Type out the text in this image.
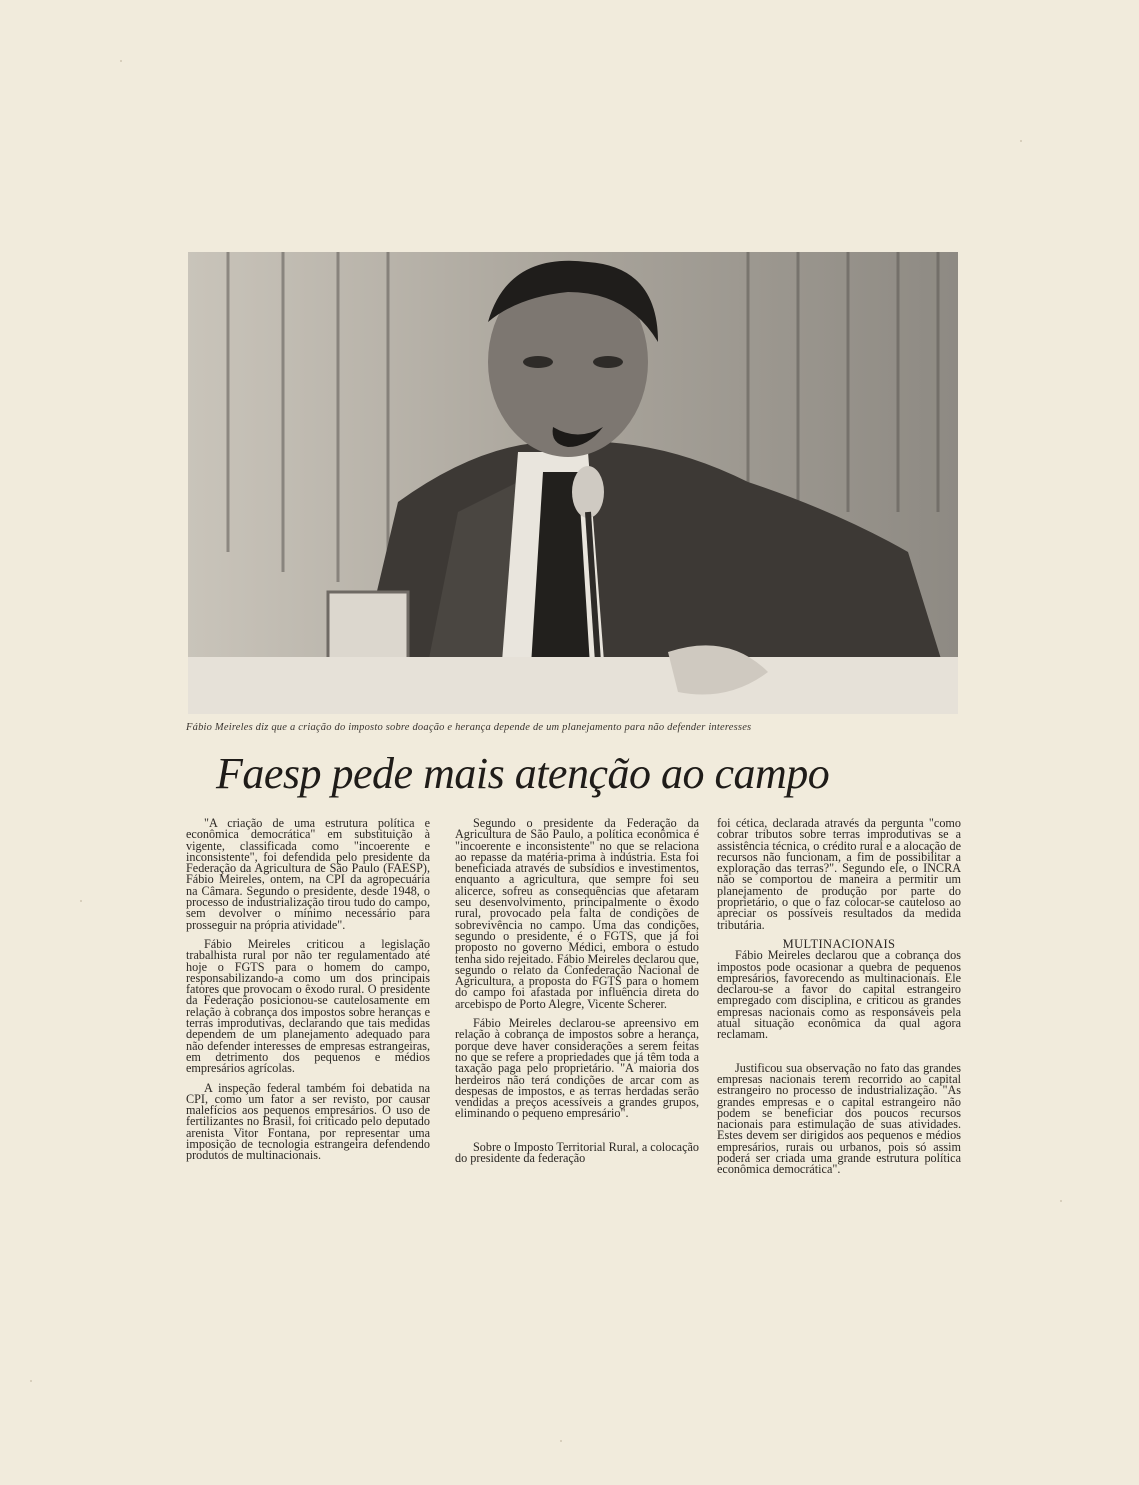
Fábio Meireles diz que a criação do imposto sobre doação e herança depende de um planejamento para não defender interesses
Faesp pede mais atenção ao campo

"A criação de uma estrutura política e econômica democrática" em substituição à vigente, classificada como "incoerente e inconsistente", foi defendida pelo presidente da Federação da Agricultura de São Paulo (FAESP), Fábio Meireles, ontem, na CPI da agropecuária na Câmara. Segundo o presidente, desde 1948, o processo de industrialização tirou tudo do campo, sem devolver o mínimo necessário para prosseguir na própria atividade".

Fábio Meireles criticou a legislação trabalhista rural por não ter regulamentado até hoje o FGTS para o homem do campo, responsabilizando-a como um dos principais fatores que provocam o êxodo rural. O presidente da Federação posicionou-se cautelosamente em relação à cobrança dos impostos sobre heranças e terras improdutivas, declarando que tais medidas dependem de um planejamento adequado para não defender interesses de empresas estrangeiras, em detrimento dos pequenos e médios empresários agrícolas.

A inspeção federal também foi debatida na CPI, como um fator a ser revisto, por causar malefícios aos pequenos empresários. O uso de fertilizantes no Brasil, foi criticado pelo deputado arenista Vitor Fontana, por representar uma imposição de tecnologia estrangeira defendendo produtos de multinacionais.

Segundo o presidente da Federação da Agricultura de São Paulo, a política econômica é "incoerente e inconsistente" no que se relaciona ao repasse da matéria-prima à indústria. Esta foi beneficiada através de subsídios e investimentos, enquanto a agricultura, que sempre foi seu alicerce, sofreu as consequências que afetaram seu desenvolvimento, principalmente o êxodo rural, provocado pela falta de condições de sobrevivência no campo. Uma das condições, segundo o presidente, é o FGTS, que já foi proposto no governo Médici, embora o estudo tenha sido rejeitado. Fábio Meireles declarou que, segundo o relato da Confederação Nacional de Agricultura, a proposta do FGTS para o homem do campo foi afastada por influência direta do arcebispo de Porto Alegre, Vicente Scherer.

Fábio Meireles declarou-se apreensivo em relação à cobrança de impostos sobre a herança, porque deve haver considerações a serem feitas no que se refere a propriedades que já têm toda a taxação paga pelo proprietário. "A maioria dos herdeiros não terá condições de arcar com as despesas de impostos, e as terras herdadas serão vendidas a preços acessíveis a grandes grupos, eliminando o pequeno empresário".

Sobre o Imposto Territorial Rural, a colocação do presidente da federação

foi cética, declarada através da pergunta "como cobrar tributos sobre terras improdutivas se a assistência técnica, o crédito rural e a alocação de recursos não funcionam, a fim de possibilitar a exploração das terras?". Segundo ele, o INCRA não se comportou de maneira a permitir um planejamento de produção por parte do proprietário, o que o faz colocar-se cauteloso ao apreciar os possíveis resultados da medida tributária.

MULTINACIONAIS

Fábio Meireles declarou que a cobrança dos impostos pode ocasionar a quebra de pequenos empresários, favorecendo as multinacionais. Ele declarou-se a favor do capital estrangeiro empregado com disciplina, e criticou as grandes empresas nacionais como as responsáveis pela atual situação econômica da qual agora reclamam.

Justificou sua observação no fato das grandes empresas nacionais terem recorrido ao capital estrangeiro no processo de industrialização. "As grandes empresas e o capital estrangeiro não podem se beneficiar dos poucos recursos nacionais para estimulação de suas atividades. Estes devem ser dirigidos aos pequenos e médios empresários, rurais ou urbanos, pois só assim poderá ser criada uma grande estrutura política econômica democrática".
